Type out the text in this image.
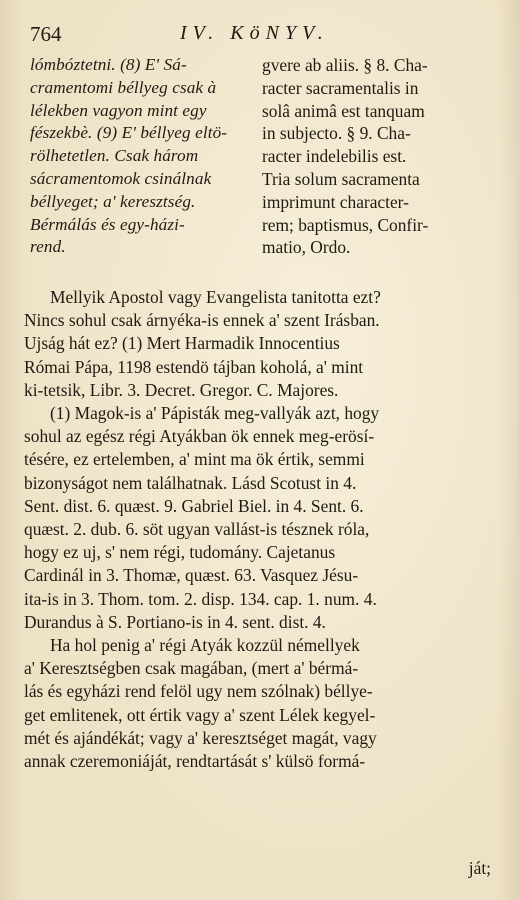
764	IV. KöNYV.
lómbóztetni. (8) E' Sá-
cramentomi béllyeg csak à
lélekben vagyon mint egy
fészekbè. (9) E' béllyeg eltö-
rölhetetlen. Csak három
sácramentomok csinálnak
béllyeget; a' keresztség.
Bérmálás és egy-házi-
rend.
gvere ab aliis. § 8. Cha-
racter sacramentalis in
solâ animâ est tanquam
in subjecto. § 9. Cha-
racter indelebilis est.
Tria solum sacramenta
imprimunt character-
rem; baptismus, Confir-
matio, Ordo.
Mellyik Apostol vagy Evangelista tanitotta ezt?
Nincs sohul csak árnyéka-is ennek a' szent Irásban.
Ujság hát ez? (1) Mert Harmadik Innocentius
Római Pápa, 1198 estendö tájban koholá, a' mint
ki-tetsik, Libr. 3. Decret. Gregor. C. Majores.
(1) Magok-is a' Pápisták meg-vallyák azt, hogy
sohul az egész régi Atyákban ök ennek meg-erösí-
tésére, ez ertelemben, a' mint ma ök értik, semmi
bizonyságot nem találhatnak. Lásd Scotust in 4.
Sent. dist. 6. quæst. 9. Gabriel Biel. in 4. Sent. 6.
quæst. 2. dub. 6. söt ugyan vallást-is tésznek róla,
hogy ez uj, s' nem régi, tudomány. Cajetanus
Cardinál in 3. Thomæ, quæst. 63. Vasquez Jésu-
ita-is in 3. Thom. tom. 2. disp. 134. cap. 1. num. 4.
Durandus à S. Portiano-is in 4. sent. dist. 4.
Ha hol penig a' régi Atyák kozzül némellyek
a' Keresztségben csak magában, (mert a' bérmá-
lás és egyházi rend felöl ugy nem szólnak) béllye-
get emlitenek, ott értik vagy a' szent Lélek kegyel-
mét és ajándékát; vagy a' keresztséget magát, vagy
annak czeremoniáját, rendtartását s' külsö formá-
ját;
